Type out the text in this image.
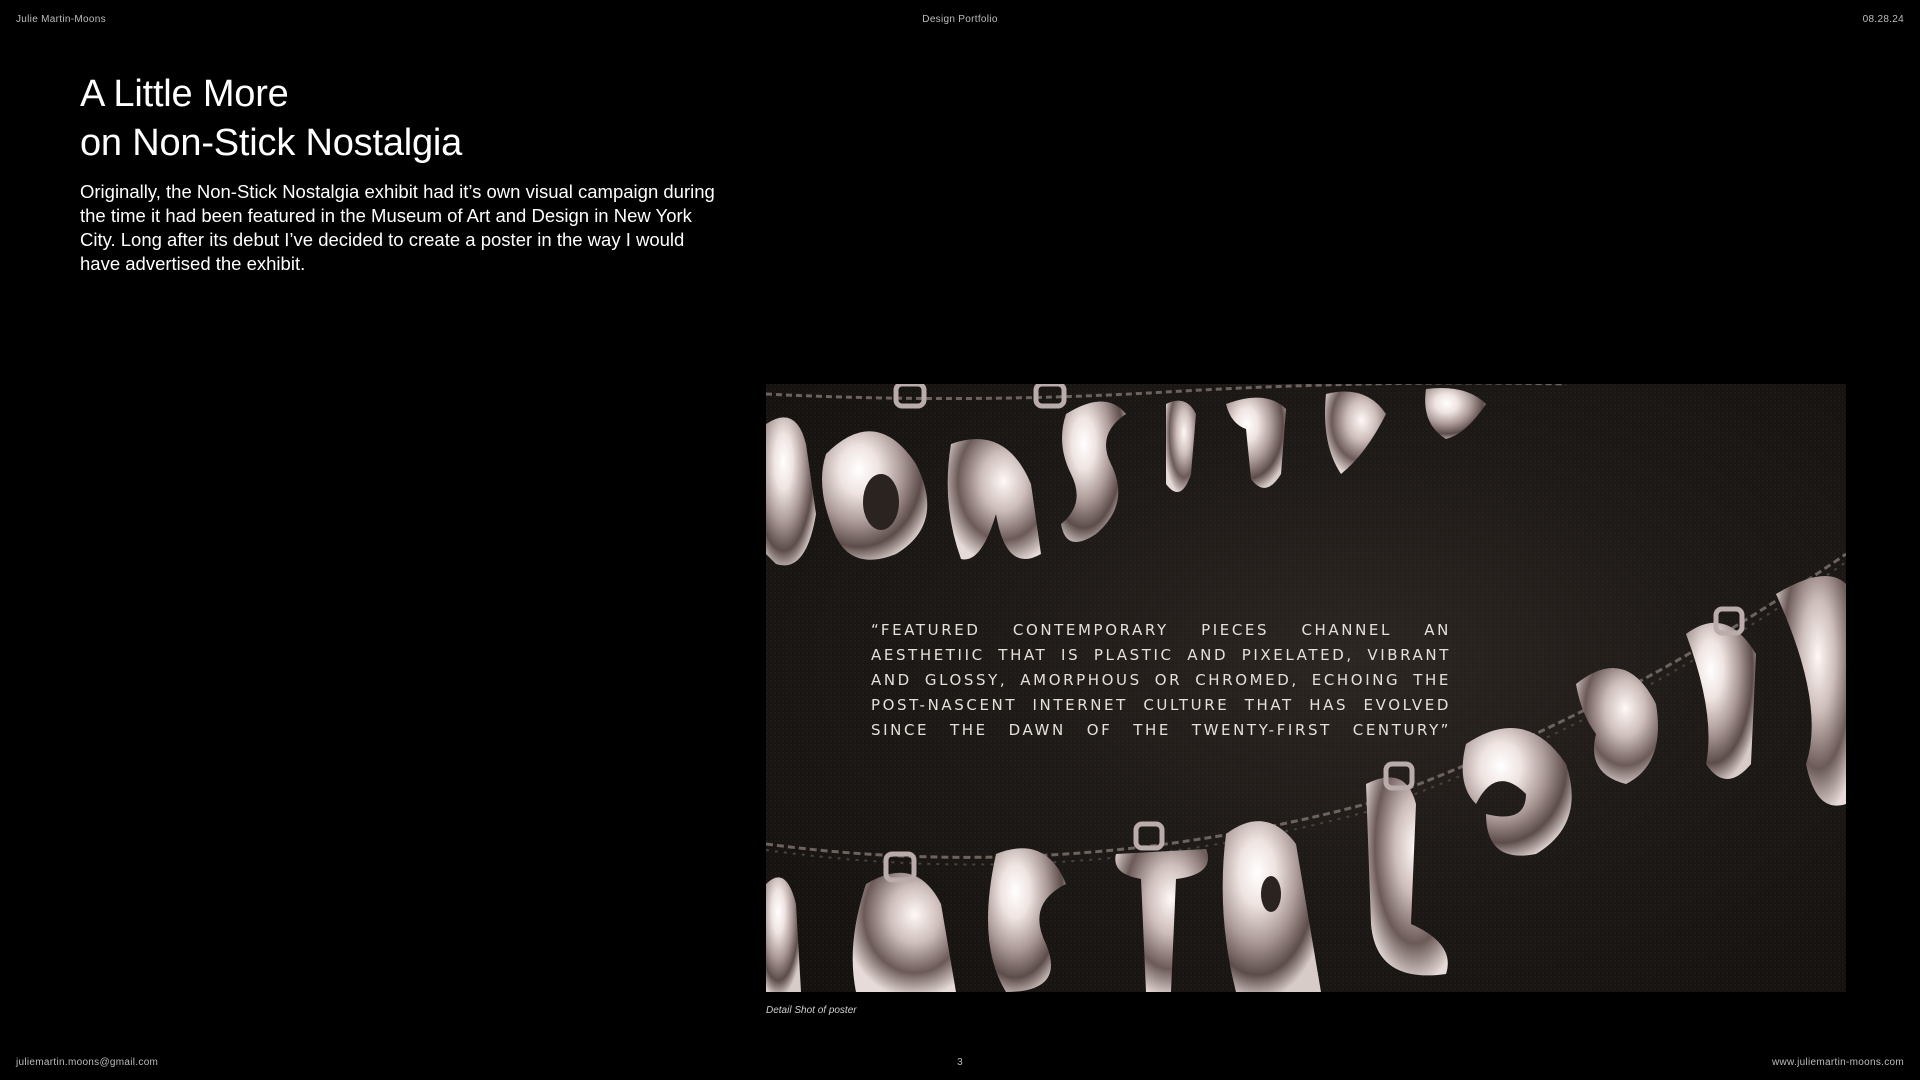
Julie Martin-Moons	Design Portfolio	08.28.24
A Little More
on Non-Stick Nostalgia

Originally, the Non-Stick Nostalgia exhibit had it’s own visual campaign during the time it had been featured in the Museum of Art and Design in New York City. Long after its debut I’ve decided to create a poster in the way I would have advertised the exhibit.

“FEATURED CONTEMPORARY PIECES CHANNEL AN
AESTHETIIC THAT IS PLASTIC AND PIXELATED, VIBRANT
AND GLOSSY, AMORPHOUS OR CHROMED, ECHOING THE
POST-NASCENT INTERNET CULTURE THAT HAS EVOLVED
SINCE THE DAWN OF THE TWENTY-FIRST CENTURY”
Detail Shot of poster
juliemartin.moons@gmail.com	3	www.juliemartin-moons.com
